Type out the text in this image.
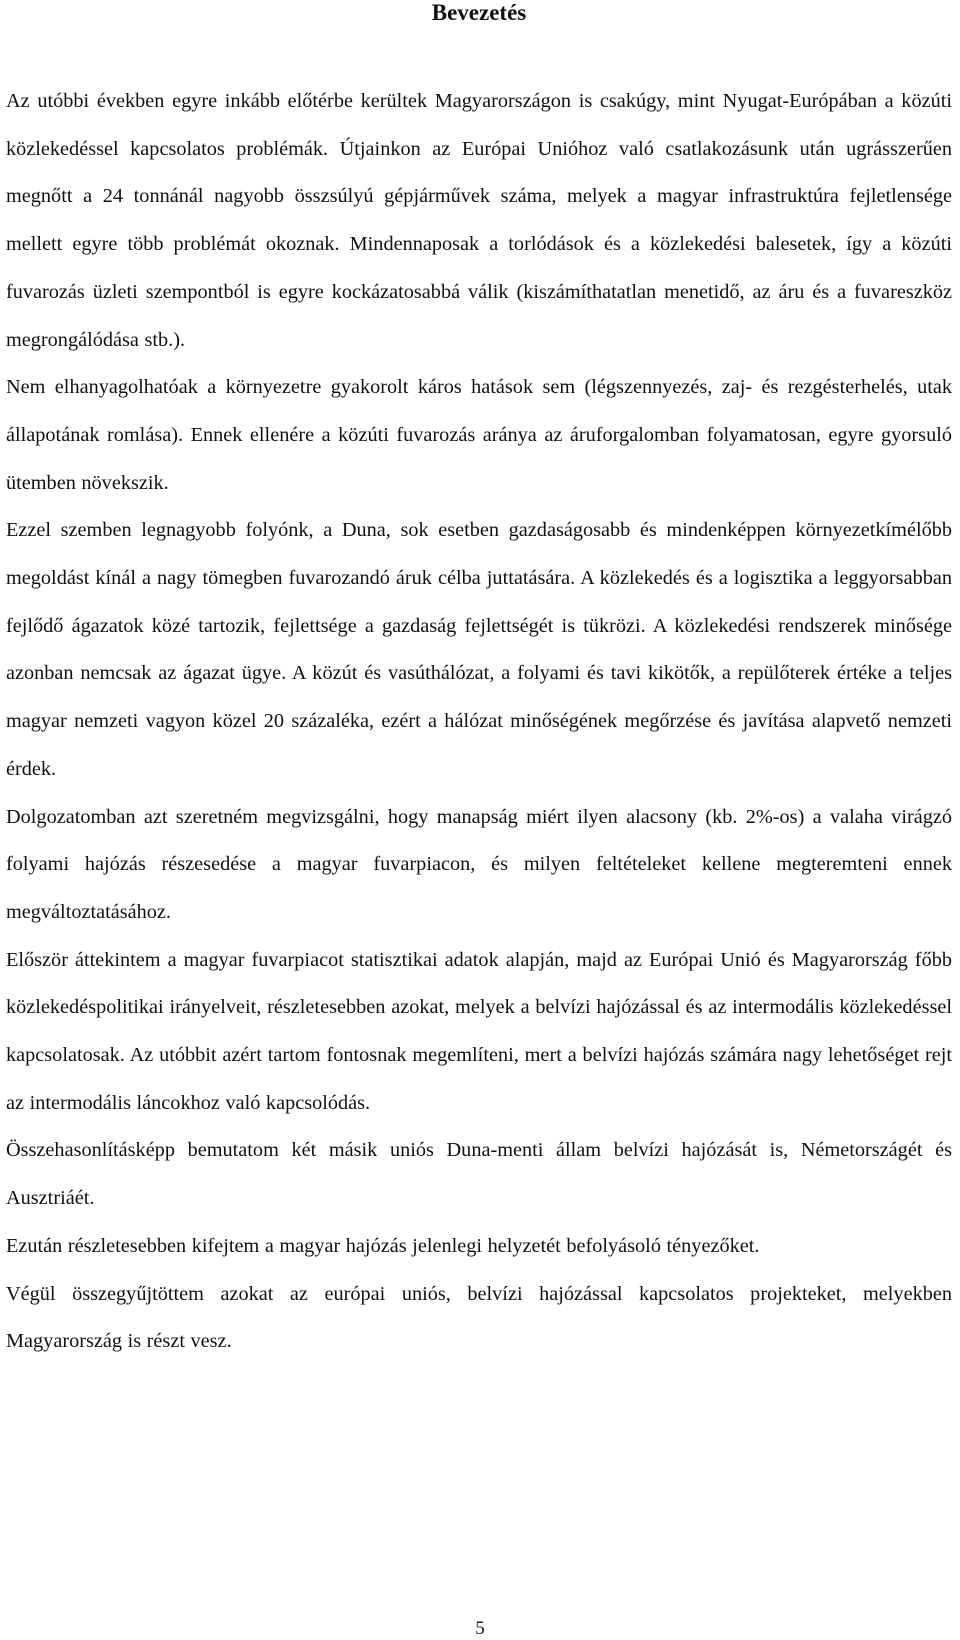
Bevezetés

Az utóbbi években egyre inkább előtérbe kerültek Magyarországon is csakúgy, mint Nyugat-Európában a közúti közlekedéssel kapcsolatos problémák. Útjainkon az Európai Unióhoz való csatlakozásunk után ugrásszerűen megnőtt a 24 tonnánál nagyobb összsúlyú gépjárművek száma, melyek a magyar infrastruktúra fejletlensége mellett egyre több problémát okoznak. Mindennaposak a torlódások és a közlekedési balesetek, így a közúti fuvarozás üzleti szempontból is egyre kockázatosabbá válik (kiszámíthatatlan menetidő, az áru és a fuvareszköz megrongálódása stb.).

Nem elhanyagolhatóak a környezetre gyakorolt káros hatások sem (légszennyezés, zaj- és rezgésterhelés, utak állapotának romlása). Ennek ellenére a közúti fuvarozás aránya az áruforgalomban folyamatosan, egyre gyorsuló ütemben növekszik.

Ezzel szemben legnagyobb folyónk, a Duna, sok esetben gazdaságosabb és mindenképpen környezetkímélőbb megoldást kínál a nagy tömegben fuvarozandó áruk célba juttatására. A közlekedés és a logisztika a leggyorsabban fejlődő ágazatok közé tartozik, fejlettsége a gazdaság fejlettségét is tükrözi. A közlekedési rendszerek minősége azonban nemcsak az ágazat ügye. A közút és vasúthálózat, a folyami és tavi kikötők, a repülőterek értéke a teljes magyar nemzeti vagyon közel 20 százaléka, ezért a hálózat minőségének megőrzése és javítása alapvető nemzeti érdek.

Dolgozatomban azt szeretném megvizsgálni, hogy manapság miért ilyen alacsony (kb. 2%-os) a valaha virágzó folyami hajózás részesedése a magyar fuvarpiacon, és milyen feltételeket kellene megteremteni ennek megváltoztatásához.

Először áttekintem a magyar fuvarpiacot statisztikai adatok alapján, majd az Európai Unió és Magyarország főbb közlekedéspolitikai irányelveit, részletesebben azokat, melyek a belvízi hajózással és az intermodális közlekedéssel kapcsolatosak. Az utóbbit azért tartom fontosnak megemlíteni, mert a belvízi hajózás számára nagy lehetőséget rejt az intermodális láncokhoz való kapcsolódás.

Összehasonlításképp bemutatom két másik uniós Duna-menti állam belvízi hajózását is, Németországét és Ausztriáét.

Ezután részletesebben kifejtem a magyar hajózás jelenlegi helyzetét befolyásoló tényezőket.

Végül összegyűjtöttem azokat az európai uniós, belvízi hajózással kapcsolatos projekteket, melyekben Magyarország is részt vesz.

5
